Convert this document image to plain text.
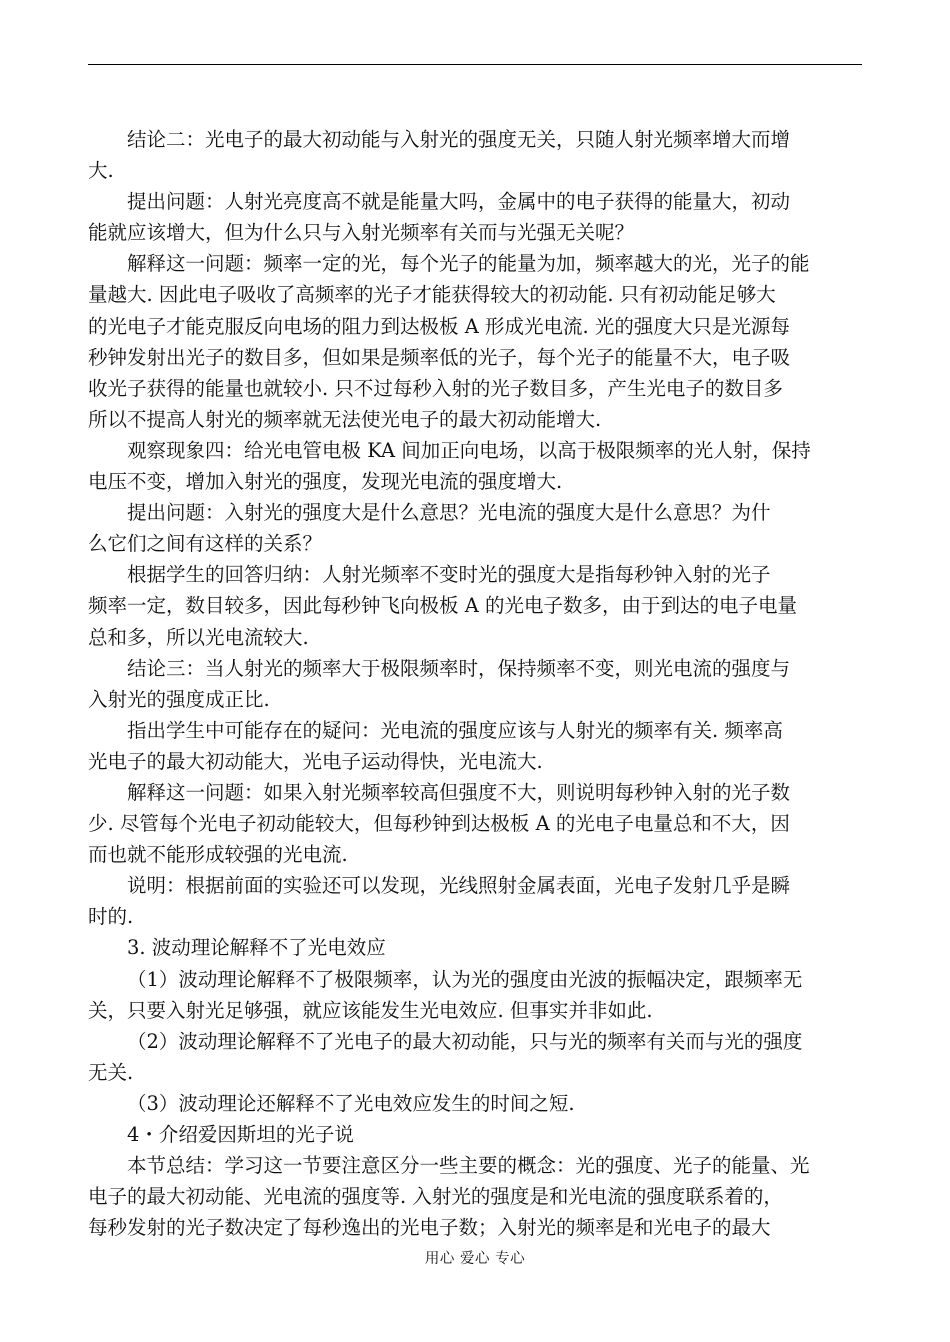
结论二：光电子的最大初动能与入射光的强度无关，只随人射光频率增大而增
大.

提出问题：人射光亮度高不就是能量大吗，金属中的电子获得的能量大，初动
能就应该增大，但为什么只与入射光频率有关而与光强无关呢？

解释这一问题：频率一定的光，每个光子的能量为加，频率越大的光，光子的能
量越大. 因此电子吸收了高频率的光子才能获得较大的初动能. 只有初动能足够大
的光电子才能克服反向电场的阻力到达极板 A 形成光电流. 光的强度大只是光源每
秒钟发射出光子的数目多，但如果是频率低的光子，每个光子的能量不大，电子吸
收光子获得的能量也就较小. 只不过每秒入射的光子数目多，产生光电子的数目多
所以不提高人射光的频率就无法使光电子的最大初动能增大.

观察现象四：给光电管电极 KA 间加正向电场，以高于极限频率的光人射，保持
电压不变，增加入射光的强度，发现光电流的强度增大.

提出问题：入射光的强度大是什么意思？光电流的强度大是什么意思？为什
么它们之间有这样的关系？

根据学生的回答归纳：人射光频率不变时光的强度大是指每秒钟入射的光子
频率一定，数目较多，因此每秒钟飞向极板 A 的光电子数多，由于到达的电子电量
总和多，所以光电流较大.

结论三：当人射光的频率大于极限频率时，保持频率不变，则光电流的强度与
入射光的强度成正比.

指出学生中可能存在的疑问：光电流的强度应该与人射光的频率有关. 频率高
光电子的最大初动能大，光电子运动得快，光电流大.

解释这一问题：如果入射光频率较高但强度不大，则说明每秒钟入射的光子数
少. 尽管每个光电子初动能较大，但每秒钟到达极板 A 的光电子电量总和不大，因
而也就不能形成较强的光电流.

说明：根据前面的实验还可以发现，光线照射金属表面，光电子发射几乎是瞬
时的.

3. 波动理论解释不了光电效应

（1）波动理论解释不了极限频率，认为光的强度由光波的振幅决定，跟频率无
关，只要入射光足够强，就应该能发生光电效应. 但事实并非如此.

（2）波动理论解释不了光电子的最大初动能，只与光的频率有关而与光的强度
无关.

（3）波动理论还解释不了光电效应发生的时间之短.

4・介绍爱因斯坦的光子说

本节总结：学习这一节要注意区分一些主要的概念：光的强度、光子的能量、光
电子的最大初动能、光电流的强度等. 入射光的强度是和光电流的强度联系着的，
每秒发射的光子数决定了每秒逸出的光电子数；入射光的频率是和光电子的最大

用心 爱心 专心
